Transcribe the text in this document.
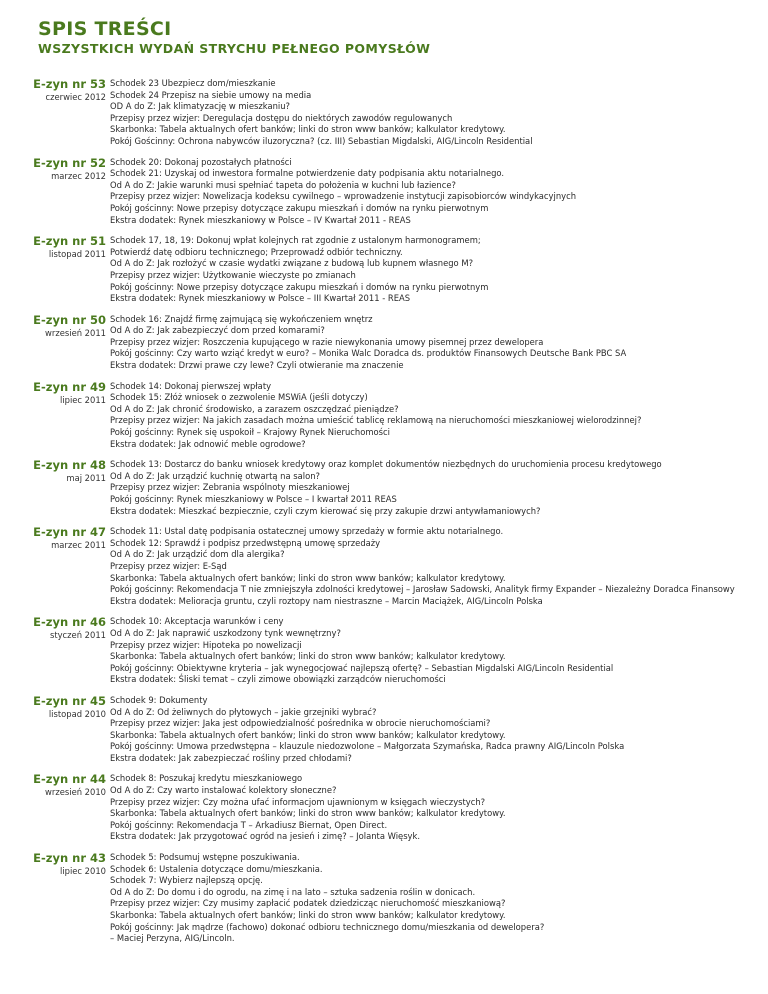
SPIS TREŚCI
WSZYSTKICH WYDAŃ STRYCHU PEŁNEGO POMYSŁÓW
E-zyn nr 53
czerwiec 2012
Schodek 23 Ubezpiecz dom/mieszkanie
Schodek 24 Przepisz na siebie umowy na media
OD A do Z: Jak klimatyzację w mieszkaniu?
Przepisy przez wizjer: Deregulacja dostępu do niektórych zawodów regulowanych
Skarbonka: Tabela aktualnych ofert banków; linki do stron www banków; kalkulator kredytowy.
Pokój Gościnny: Ochrona nabywców iluzoryczna? (cz. III) Sebastian Migdalski, AIG/Lincoln Residential
E-zyn nr 52
marzec 2012
Schodek 20: Dokonaj pozostałych płatności
Schodek 21: Uzyskaj od inwestora formalne potwierdzenie daty podpisania aktu notarialnego.
Od A do Z: Jakie warunki musi spełniać tapeta do położenia w kuchni lub łazience?
Przepisy przez wizjer: Nowelizacja kodeksu cywilnego – wprowadzenie instytucji zapisobiorców windykacyjnych
Pokój gościnny: Nowe przepisy dotyczące zakupu mieszkań i domów na rynku pierwotnym
Ekstra dodatek: Rynek mieszkaniowy w Polsce – IV Kwartał 2011 - REAS
E-zyn nr 51
listopad 2011
Schodek 17, 18, 19: Dokonuj wpłat kolejnych rat zgodnie z ustalonym harmonogramem;
Potwierdź datę odbioru technicznego; Przeprowadź odbiór techniczny.
Od A do Z: Jak rozłożyć w czasie wydatki związane z budową lub kupnem własnego M?
Przepisy przez wizjer: Użytkowanie wieczyste po zmianach
Pokój gościnny: Nowe przepisy dotyczące zakupu mieszkań i domów na rynku pierwotnym
Ekstra dodatek: Rynek mieszkaniowy w Polsce – III Kwartał 2011 - REAS
E-zyn nr 50
wrzesień 2011
Schodek 16: Znajdź firmę zajmującą się wykończeniem wnętrz
Od A do Z: Jak zabezpieczyć dom przed komarami?
Przepisy przez wizjer: Roszczenia kupującego w razie niewykonania umowy pisemnej przez dewelopera
Pokój gościnny: Czy warto wziąć kredyt w euro? – Monika Walc Doradca ds. produktów Finansowych Deutsche Bank PBC SA
Ekstra dodatek: Drzwi prawe czy lewe? Czyli otwieranie ma znaczenie
E-zyn nr 49
lipiec 2011
Schodek 14: Dokonaj pierwszej wpłaty
Schodek 15: Złóż wniosek o zezwolenie MSWiA (jeśli dotyczy)
Od A do Z: Jak chronić środowisko, a zarazem oszczędzać pieniądze?
Przepisy przez wizjer: Na jakich zasadach można umieścić tablicę reklamową na nieruchomości mieszkaniowej wielorodzinnej?
Pokój gościnny: Rynek się uspokoił – Krajowy Rynek Nieruchomości
Ekstra dodatek: Jak odnowić meble ogrodowe?
E-zyn nr 48
maj 2011
Schodek 13: Dostarcz do banku wniosek kredytowy oraz komplet dokumentów niezbędnych do uruchomienia procesu kredytowego
Od A do Z: Jak urządzić kuchnię otwartą na salon?
Przepisy przez wizjer: Zebrania wspólnoty mieszkaniowej
Pokój gościnny: Rynek mieszkaniowy w Polsce – I kwartał 2011 REAS
Ekstra dodatek: Mieszkać bezpiecznie, czyli czym kierować się przy zakupie drzwi antywłamaniowych?
E-zyn nr 47
marzec 2011
Schodek 11: Ustal datę podpisania ostatecznej umowy sprzedaży w formie aktu notarialnego.
Schodek 12: Sprawdź i podpisz przedwstępną umowę sprzedaży
Od A do Z: Jak urządzić dom dla alergika?
Przepisy przez wizjer: E-Sąd
Skarbonka: Tabela aktualnych ofert banków; linki do stron www banków; kalkulator kredytowy.
Pokój gościnny: Rekomendacja T nie zmniejszyła zdolności kredytowej – Jarosław Sadowski, Analityk firmy Expander – Niezależny Doradca Finansowy
Ekstra dodatek: Melioracja gruntu, czyli roztopy nam niestraszne – Marcin Maciążek, AIG/Lincoln Polska
E-zyn nr 46
styczeń 2011
Schodek 10: Akceptacja warunków i ceny
Od A do Z: Jak naprawić uszkodzony tynk wewnętrzny?
Przepisy przez wizjer: Hipoteka po nowelizacji
Skarbonka: Tabela aktualnych ofert banków; linki do stron www banków; kalkulator kredytowy.
Pokój gościnny: Obiektywne kryteria – jak wynegocjować najlepszą ofertę? – Sebastian Migdalski AIG/Lincoln Residential
Ekstra dodatek: Śliski temat – czyli zimowe obowiązki zarządców nieruchomości
E-zyn nr 45
listopad 2010
Schodek 9: Dokumenty
Od A do Z: Od żeliwnych do płytowych – jakie grzejniki wybrać?
Przepisy przez wizjer: Jaka jest odpowiedzialność pośrednika w obrocie nieruchomościami?
Skarbonka: Tabela aktualnych ofert banków; linki do stron www banków; kalkulator kredytowy.
Pokój gościnny: Umowa przedwstępna – klauzule niedozwolone – Małgorzata Szymańska, Radca prawny AIG/Lincoln Polska
Ekstra dodatek: Jak zabezpieczać rośliny przed chłodami?
E-zyn nr 44
wrzesień 2010
Schodek 8: Poszukaj kredytu mieszkaniowego
Od A do Z: Czy warto instalować kolektory słoneczne?
Przepisy przez wizjer: Czy można ufać informacjom ujawnionym w księgach wieczystych?
Skarbonka: Tabela aktualnych ofert banków; linki do stron www banków; kalkulator kredytowy.
Pokój gościnny: Rekomendacja T – Arkadiusz Biernat, Open Direct.
Ekstra dodatek: Jak przygotować ogród na jesień i zimę? – Jolanta Więsyk.
E-zyn nr 43
lipiec 2010
Schodek 5: Podsumuj wstępne poszukiwania.
Schodek 6: Ustalenia dotyczące domu/mieszkania.
Schodek 7: Wybierz najlepszą opcję.
Od A do Z: Do domu i do ogrodu, na zimę i na lato – sztuka sadzenia roślin w donicach.
Przepisy przez wizjer: Czy musimy zapłacić podatek dziedzicząc nieruchomość mieszkaniową?
Skarbonka: Tabela aktualnych ofert banków; linki do stron www banków; kalkulator kredytowy.
Pokój gościnny: Jak mądrze (fachowo) dokonać odbioru technicznego domu/mieszkania od dewelopera?
– Maciej Perzyna, AIG/Lincoln.
